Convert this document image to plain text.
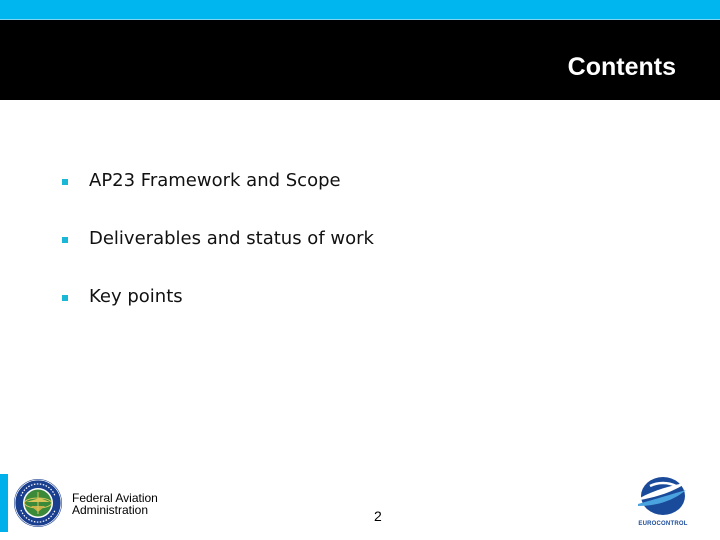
Contents
AP23 Framework and Scope
Deliverables and status of work
Key points
Federal Aviation
Administration	2	EUROCONTROL
